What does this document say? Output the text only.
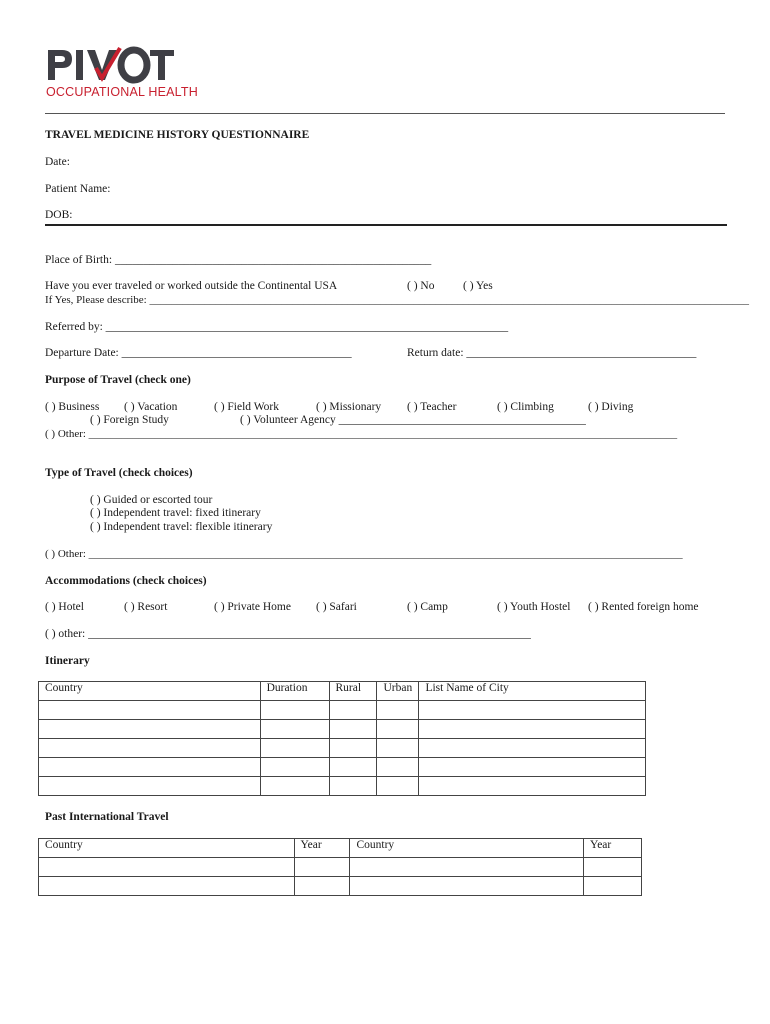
OCCUPATIONAL HEALTH
TRAVEL MEDICINE HISTORY QUESTIONNAIRE
Date:
Patient Name:
DOB:
Place of Birth: _______________________________________________________
Have you ever traveled or worked outside the Continental USA	( ) No ( ) Yes
If Yes, Please describe: _____________________________________________________________________________________________________________
Referred by: ______________________________________________________________________
Departure Date: ________________________________________	Return date: ________________________________________
Purpose of Travel (check one)
( ) Business ( ) Vacation	( ) Field Work	( ) Missionary ( ) Teacher	( ) Climbing	( ) Diving
( ) Foreign Study	( ) Volunteer Agency ___________________________________________
( ) Other: ___________________________________________________________________________________________________________
Type of Travel (check choices)
( ) Guided or escorted tour
( ) Independent travel: fixed itinerary
( ) Independent travel: flexible itinerary
( ) Other: ____________________________________________________________________________________________________________
Accommodations (check choices)
( ) Hotel	( ) Resort	( ) Private Home ( ) Safari	( ) Camp	( ) Youth Hostel ( ) Rented foreign home
( ) other: _____________________________________________________________________________
Itinerary
Country	Duration	Rural	Urban	List Name of City

Past International Travel
Country	Year	Country	Year
